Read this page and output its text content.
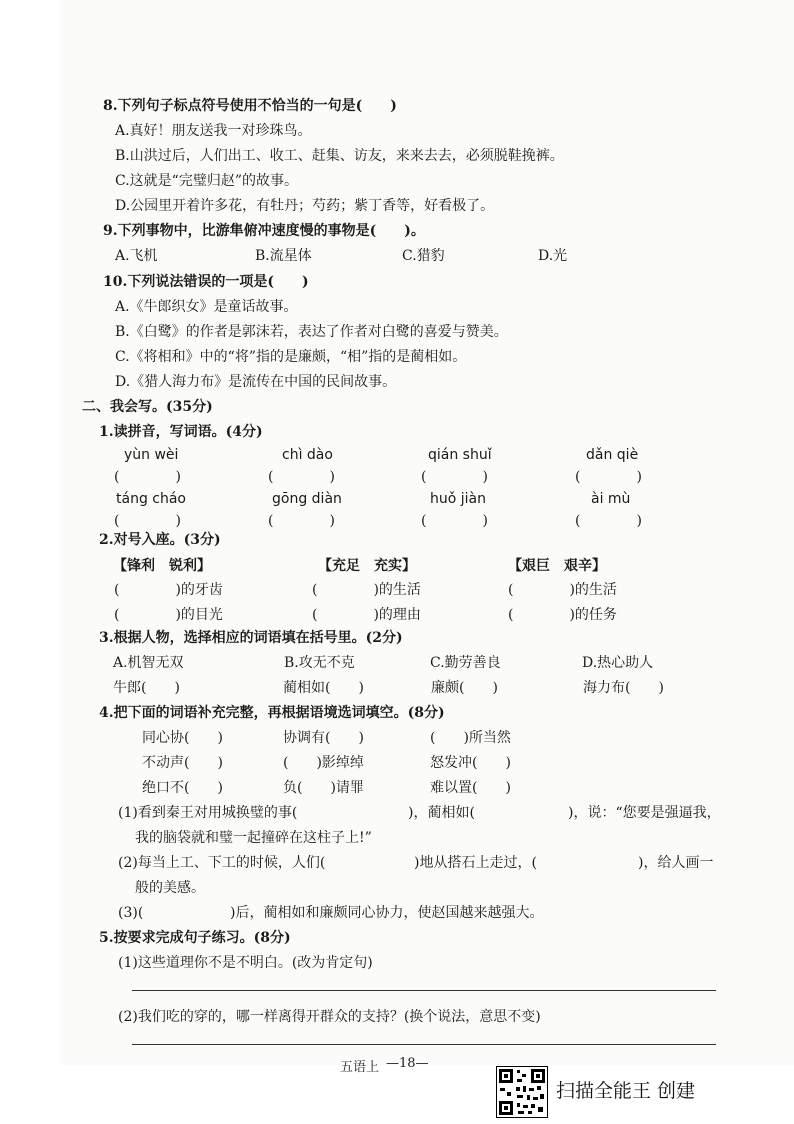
8.下列句子标点符号使用不恰当的一句是(　　)
A.真好！朋友送我一对珍珠鸟。
B.山洪过后，人们出工、收工、赶集、访友，来来去去，必须脱鞋挽裤。
C.这就是“完璧归赵”的故事。
D.公园里开着许多花，有牡丹；芍药；紫丁香等，好看极了。
9.下列事物中，比游隼俯冲速度慢的事物是(　　)。
A.飞机	B.流星体	C.猎豹	D.光
10.下列说法错误的一项是(　　)
A.《牛郎织女》是童话故事。
B.《白鹭》的作者是郭沫若，表达了作者对白鹭的喜爱与赞美。
C.《将相和》中的“将”指的是廉颇，“相”指的是蔺相如。
D.《猎人海力布》是流传在中国的民间故事。
二、我会写。(35分)
1.读拼音，写词语。(4分)
yùn wèi	chì dào	qián shuǐ	dǎn qiè
(　　　　)	(　　　　)	(　　　　)	(　　　　)
táng cháo	gōng diàn	huǒ jiàn	ài mù
(　　　　)	(　　　　)	(　　　　)	(　　　　)
2.对号入座。(3分)
【锋利　锐利】	【充足　充实】	【艰巨　艰辛】
(　　　　)的牙齿	(　　　　)的生活	(　　　　)的生活
(　　　　)的目光	(　　　　)的理由	(　　　　)的任务
3.根据人物，选择相应的词语填在括号里。(2分)
A.机智无双	B.攻无不克	C.勤劳善良	D.热心助人
牛郎(　　)	蔺相如(　　)	廉颇(　　)	海力布(　　)
4.把下面的词语补充完整，再根据语境选词填空。(8分)
同心协(　　)	协调有(　　)	(　　)所当然
不动声(　　)	(　　)影绰绰	怒发冲(　　)
绝口不(　　)	负(　　)请罪	难以置(　　)
(1)看到秦王对用城换璧的事(	)，蔺相如(	)，说：“您要是强逼我，
我的脑袋就和璧一起撞碎在这柱子上!”
(2)每当上工、下工的时候，人们(	)地从搭石上走过，(	)，给人画一
般的美感。
(3)(	)后，蔺相如和廉颇同心协力，使赵国越来越强大。
5.按要求完成句子练习。(8分)
(1)这些道理你不是不明白。(改为肯定句)
(2)我们吃的穿的，哪一样离得开群众的支持？(换个说法，意思不变)
五语上 —18—
扫描全能王 创建
